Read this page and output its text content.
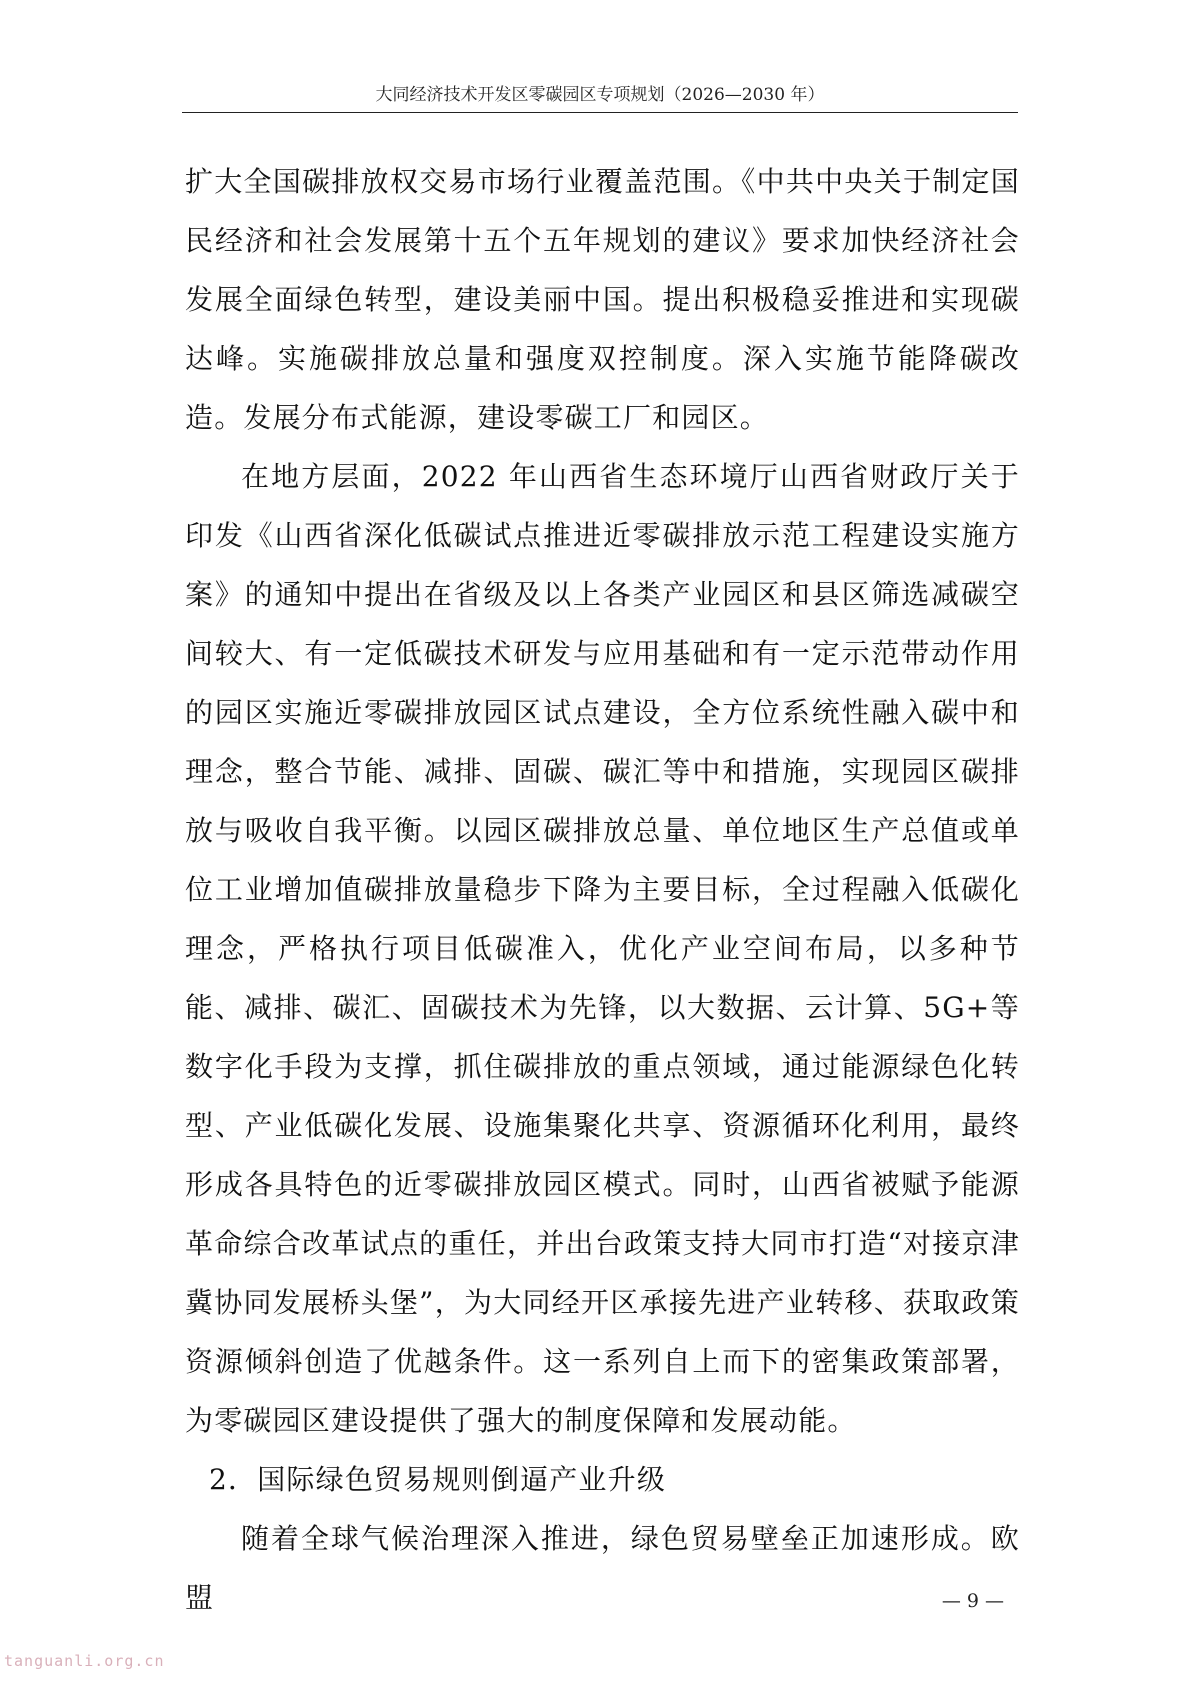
大同经济技术开发区零碳园区专项规划（2026—2030 年）

扩大全国碳排放权交易市场行业覆盖范围。《中共中央关于制定国民经济和社会发展第十五个五年规划的建议》要求加快经济社会发展全面绿色转型，建设美丽中国。提出积极稳妥推进和实现碳达峰。实施碳排放总量和强度双控制度。深入实施节能降碳改造。发展分布式能源，建设零碳工厂和园区。

在地方层面，2022 年山西省生态环境厅山西省财政厅关于印发《山西省深化低碳试点推进近零碳排放示范工程建设实施方案》的通知中提出在省级及以上各类产业园区和县区筛选减碳空间较大、有一定低碳技术研发与应用基础和有一定示范带动作用的园区实施近零碳排放园区试点建设，全方位系统性融入碳中和理念，整合节能、减排、固碳、碳汇等中和措施，实现园区碳排放与吸收自我平衡。以园区碳排放总量、单位地区生产总值或单位工业增加值碳排放量稳步下降为主要目标，全过程融入低碳化理念，严格执行项目低碳准入，优化产业空间布局，以多种节能、减排、碳汇、固碳技术为先锋，以大数据、云计算、5G+等数字化手段为支撑，抓住碳排放的重点领域，通过能源绿色化转型、产业低碳化发展、设施集聚化共享、资源循环化利用，最终形成各具特色的近零碳排放园区模式。同时，山西省被赋予能源革命综合改革试点的重任，并出台政策支持大同市打造“对接京津冀协同发展桥头堡”，为大同经开区承接先进产业转移、获取政策资源倾斜创造了优越条件。这一系列自上而下的密集政策部署，为零碳园区建设提供了强大的制度保障和发展动能。

2．国际绿色贸易规则倒逼产业升级

随着全球气候治理深入推进，绿色贸易壁垒正加速形成。欧盟	— 9 —
tanguanli.org.cn
